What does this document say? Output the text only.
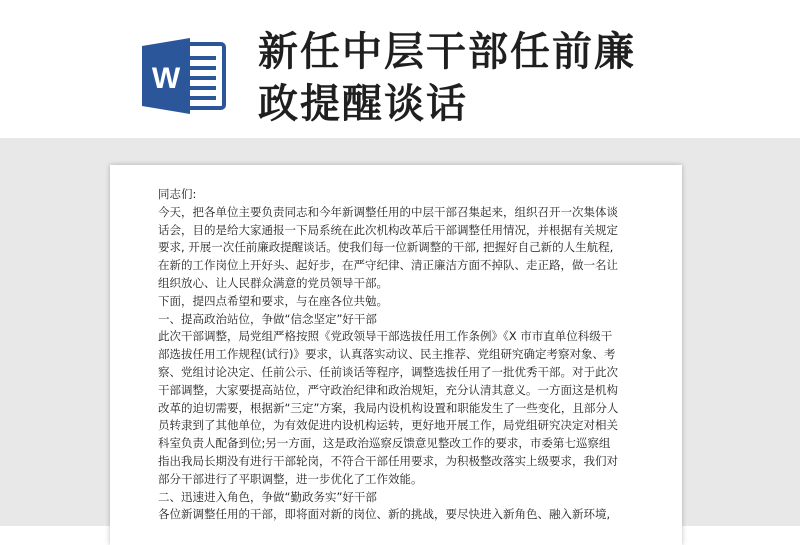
W
新任中层干部任前廉
政提醒谈话
同志们:
今天，把各单位主要负责同志和今年新调整任用的中层干部召集起来，组织召开一次集体谈
话会，目的是给大家通报一下局系统在此次机构改革后干部调整任用情况，并根据有关规定
要求, 开展一次任前廉政提醒谈话。使我们每一位新调整的干部, 把握好自己新的人生航程,
在新的工作岗位上开好头、起好步，在严守纪律、清正廉洁方面不掉队、走正路，做一名让
组织放心、让人民群众满意的党员领导干部。
下面，提四点希望和要求，与在座各位共勉。
一、提高政治站位，争做“信念坚定”好干部
此次干部调整，局党组严格按照《党政领导干部选拔任用工作条例》《X 市市直单位科级干
部选拔任用工作规程(试行)》要求，认真落实动议、民主推荐、党组研究确定考察对象、考
察、党组讨论决定、任前公示、任前谈话等程序，调整选拔任用了一批优秀干部。对于此次
干部调整，大家要提高站位，严守政治纪律和政治规矩，充分认清其意义。一方面这是机构
改革的迫切需要，根据新“三定”方案，我局内设机构设置和职能发生了一些变化，且部分人
员转隶到了其他单位，为有效促进内设机构运转，更好地开展工作，局党组研究决定对相关
科室负责人配备到位;另一方面，这是政治巡察反馈意见整改工作的要求，市委第七巡察组
指出我局长期没有进行干部轮岗，不符合干部任用要求，为积极整改落实上级要求，我们对
部分干部进行了平职调整，进一步优化了工作效能。
二、迅速进入角色，争做“勤政务实”好干部
各位新调整任用的干部，即将面对新的岗位、新的挑战，要尽快进入新角色、融入新环境,
